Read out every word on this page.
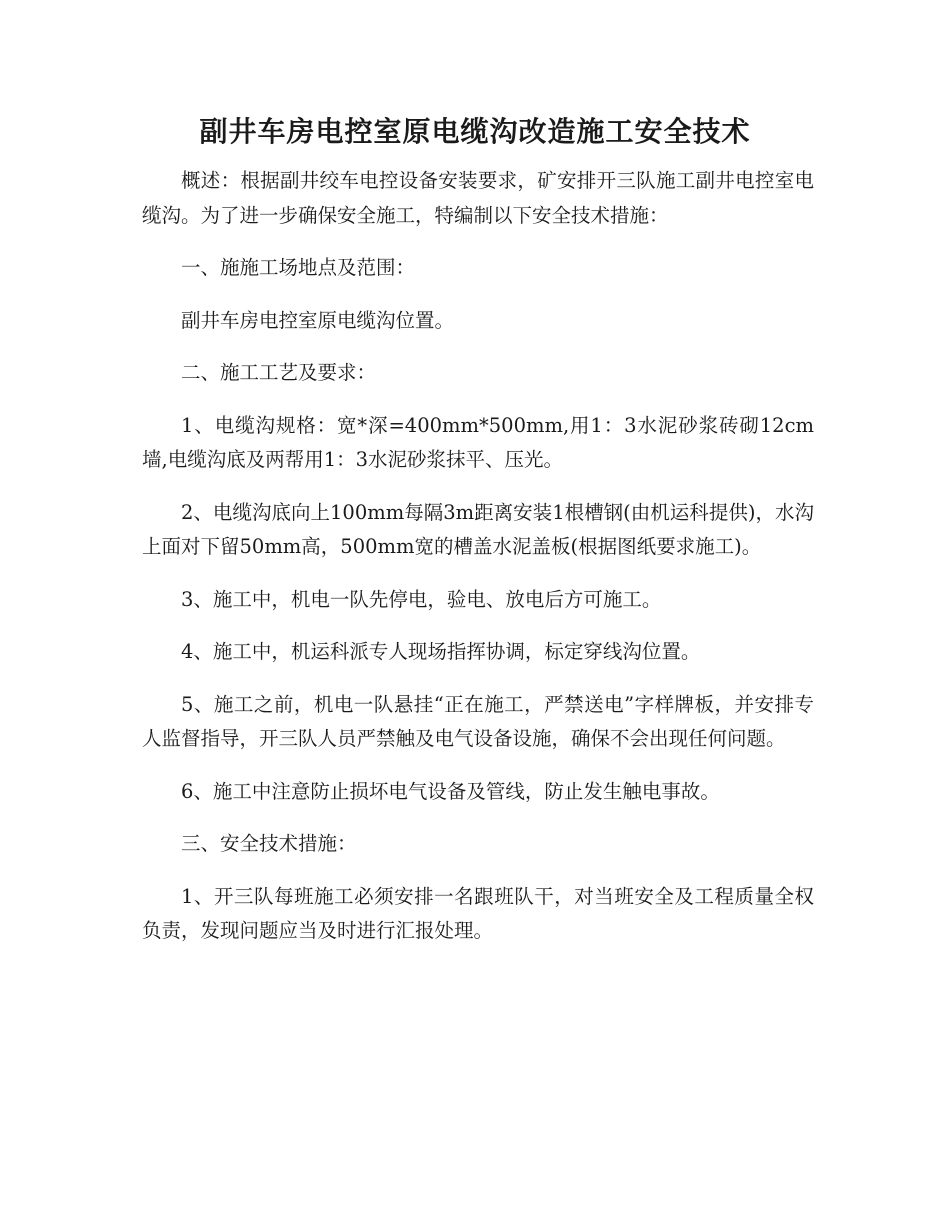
副井车房电控室原电缆沟改造施工安全技术

概述：根据副井绞车电控设备安装要求，矿安排开三队施工副井电控室电缆沟。为了进一步确保安全施工，特编制以下安全技术措施：

一、施施工场地点及范围：

副井车房电控室原电缆沟位置。

二、施工工艺及要求：

1、电缆沟规格：宽*深=400mm*500mm,用1：3水泥砂浆砖砌12cm墙,电缆沟底及两帮用1：3水泥砂浆抹平、压光。

2、电缆沟底向上100mm每隔3m距离安装1根槽钢(由机运科提供)，水沟上面对下留50mm高，500mm宽的槽盖水泥盖板(根据图纸要求施工)。

3、施工中，机电一队先停电，验电、放电后方可施工。

4、施工中，机运科派专人现场指挥协调，标定穿线沟位置。

5、施工之前，机电一队悬挂“正在施工，严禁送电”字样牌板，并安排专人监督指导，开三队人员严禁触及电气设备设施，确保不会出现任何问题。

6、施工中注意防止损坏电气设备及管线，防止发生触电事故。

三、安全技术措施：

1、开三队每班施工必须安排一名跟班队干，对当班安全及工程质量全权负责，发现问题应当及时进行汇报处理。
